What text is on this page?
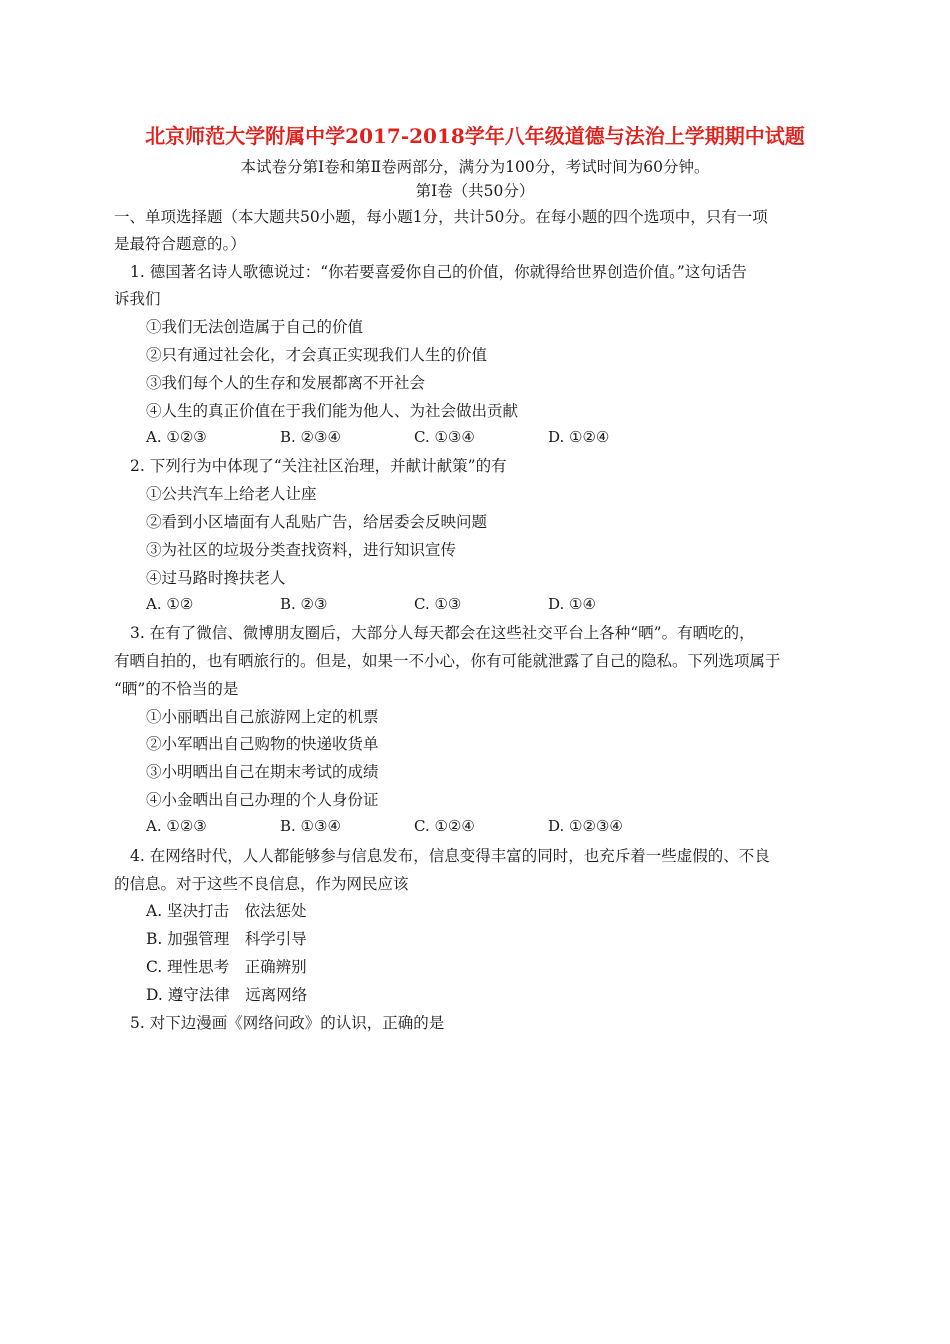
北京师范大学附属中学2017-2018学年八年级道德与法治上学期期中试题
本试卷分第Ⅰ卷和第Ⅱ卷两部分，满分为100分，考试时间为60分钟。
第Ⅰ卷（共50分）
一、单项选择题（本大题共50小题，每小题1分，共计50分。在每小题的四个选项中，只有一项
是最符合题意的。）
1. 德国著名诗人歌德说过：“你若要喜爱你自己的价值，你就得给世界创造价值。”这句话告
诉我们
①我们无法创造属于自己的价值
②只有通过社会化，才会真正实现我们人生的价值
③我们每个人的生存和发展都离不开社会
④人生的真正价值在于我们能为他人、为社会做出贡献
A. ①②③	B. ②③④	C. ①③④	D. ①②④
2. 下列行为中体现了“关注社区治理，并献计献策”的有
①公共汽车上给老人让座
②看到小区墙面有人乱贴广告，给居委会反映问题
③为社区的垃圾分类查找资料，进行知识宣传
④过马路时搀扶老人
A. ①②	B. ②③	C. ①③	D. ①④
3. 在有了微信、微博朋友圈后，大部分人每天都会在这些社交平台上各种“晒”。有晒吃的，
有晒自拍的，也有晒旅行的。但是，如果一不小心，你有可能就泄露了自己的隐私。下列选项属于
“晒”的不恰当的是
①小丽晒出自己旅游网上定的机票
②小军晒出自己购物的快递收货单
③小明晒出自己在期末考试的成绩
④小金晒出自己办理的个人身份证
A. ①②③	B. ①③④	C. ①②④	D. ①②③④
4. 在网络时代，人人都能够参与信息发布，信息变得丰富的同时，也充斥着一些虚假的、不良
的信息。对于这些不良信息，作为网民应该
A. 坚决打击　依法惩处
B. 加强管理　科学引导
C. 理性思考　正确辨别
D. 遵守法律　远离网络
5. 对下边漫画《网络问政》的认识，正确的是
